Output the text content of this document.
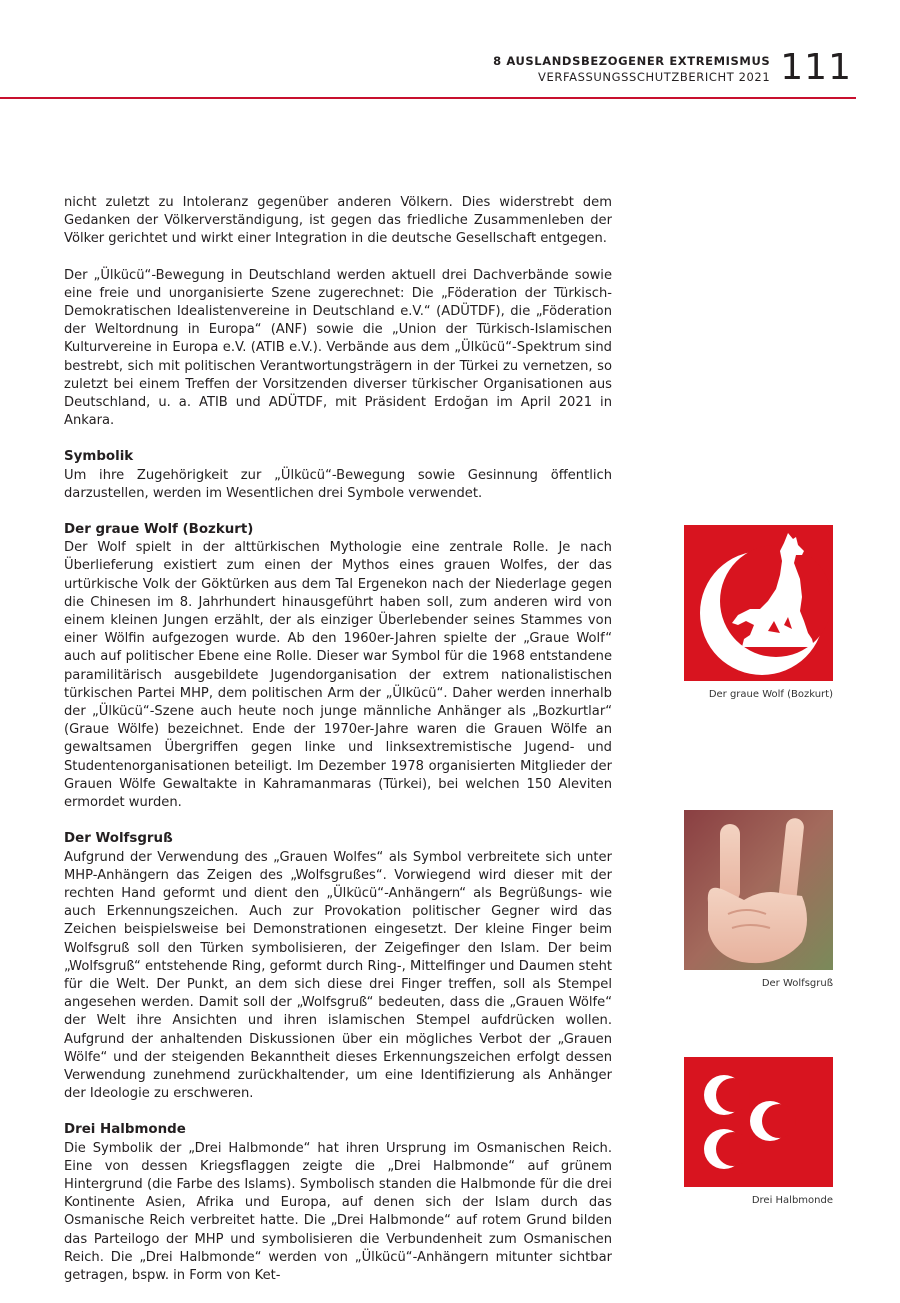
8 AUSLANDSBEZOGENER EXTREMISMUS
VERFASSUNGSSCHUTZBERICHT 2021 111

nicht zuletzt zu Intoleranz gegenüber anderen Völkern. Dies widerstrebt dem Gedanken der Völkerverständigung, ist gegen das friedliche Zusammenleben der Völker gerichtet und wirkt einer Integration in die deutsche Gesellschaft entgegen.

Der „Ülkücü“-Bewegung in Deutschland werden aktuell drei Dachverbände sowie eine freie und unorganisierte Szene zugerechnet: Die „Föderation der Türkisch-Demokratischen Idealistenvereine in Deutschland e.V.“ (ADÜTDF), die „Föderation der Weltordnung in Europa“ (ANF) sowie die „Union der Türkisch-Islamischen Kulturvereine in Europa e.V. (ATIB e.V.). Verbände aus dem „Ülkücü“-Spektrum sind bestrebt, sich mit politischen Verantwortungsträgern in der Türkei zu vernetzen, so zuletzt bei einem Treffen der Vorsitzenden diverser türkischer Organisationen aus Deutschland, u. a. ATIB und ADÜTDF, mit Präsident Erdoğan im April 2021 in Ankara.

Symbolik

Um ihre Zugehörigkeit zur „Ülkücü“-Bewegung sowie Gesinnung öffentlich darzustellen, werden im Wesentlichen drei Symbole verwendet.

Der graue Wolf (Bozkurt)

Der Wolf spielt in der alttürkischen Mythologie eine zentrale Rolle. Je nach Überlieferung existiert zum einen der Mythos eines grauen Wolfes, der das urtürkische Volk der Göktürken aus dem Tal Ergenekon nach der Niederlage gegen die Chinesen im 8. Jahrhundert hinausgeführt haben soll, zum anderen wird von einem kleinen Jungen erzählt, der als einziger Überlebender seines Stammes von einer Wölfin aufgezogen wurde. Ab den 1960er-Jahren spielte der „Graue Wolf“ auch auf politischer Ebene eine Rolle. Dieser war Symbol für die 1968 entstandene paramilitärisch ausgebildete Jugendorganisation der extrem nationalistischen türkischen Partei MHP, dem politischen Arm der „Ülkücü“. Daher werden innerhalb der „Ülkücü“-Szene auch heute noch junge männliche Anhänger als „Bozkurtlar“ (Graue Wölfe) bezeichnet. Ende der 1970er-Jahre waren die Grauen Wölfe an gewaltsamen Übergriffen gegen linke und linksextremistische Jugend- und Studentenorganisationen beteiligt. Im Dezember 1978 organisierten Mitglieder der Grauen Wölfe Gewaltakte in Kahramanmaras (Türkei), bei welchen 150 Aleviten ermordet wurden.

Der Wolfsgruß

Aufgrund der Verwendung des „Grauen Wolfes“ als Symbol verbreitete sich unter MHP-Anhängern das Zeigen des „Wolfsgrußes“. Vorwiegend wird dieser mit der rechten Hand geformt und dient den „Ülkücü“-Anhängern“ als Begrüßungs- wie auch Erkennungszeichen. Auch zur Provokation politischer Gegner wird das Zeichen beispielsweise bei Demonstrationen eingesetzt. Der kleine Finger beim Wolfsgruß soll den Türken symbolisieren, der Zeigefinger den Islam. Der beim „Wolfsgruß“ entstehende Ring, geformt durch Ring-, Mittelfinger und Daumen steht für die Welt. Der Punkt, an dem sich diese drei Finger treffen, soll als Stempel angesehen werden. Damit soll der „Wolfsgruß“ bedeuten, dass die „Grauen Wölfe“ der Welt ihre Ansichten und ihren islamischen Stempel aufdrücken wollen. Aufgrund der anhaltenden Diskussionen über ein mögliches Verbot der „Grauen Wölfe“ und der steigenden Bekanntheit dieses Erkennungszeichen erfolgt dessen Verwendung zunehmend zurückhaltender, um eine Identifizierung als Anhänger der Ideologie zu erschweren.

Drei Halbmonde

Die Symbolik der „Drei Halbmonde“ hat ihren Ursprung im Osmanischen Reich. Eine von dessen Kriegsflaggen zeigte die „Drei Halbmonde“ auf grünem Hintergrund (die Farbe des Islams). Symbolisch standen die Halbmonde für die drei Kontinente Asien, Afrika und Europa, auf denen sich der Islam durch das Osmanische Reich verbreitet hatte. Die „Drei Halbmonde“ auf rotem Grund bilden das Parteilogo der MHP und symbolisieren die Verbundenheit zum Osmanischen Reich. Die „Drei Halbmonde“ werden von „Ülkücü“-Anhängern mitunter sichtbar getragen, bspw. in Form von Ket-

Der graue Wolf (Bozkurt)
Der Wolfsgruß
Drei Halbmonde
